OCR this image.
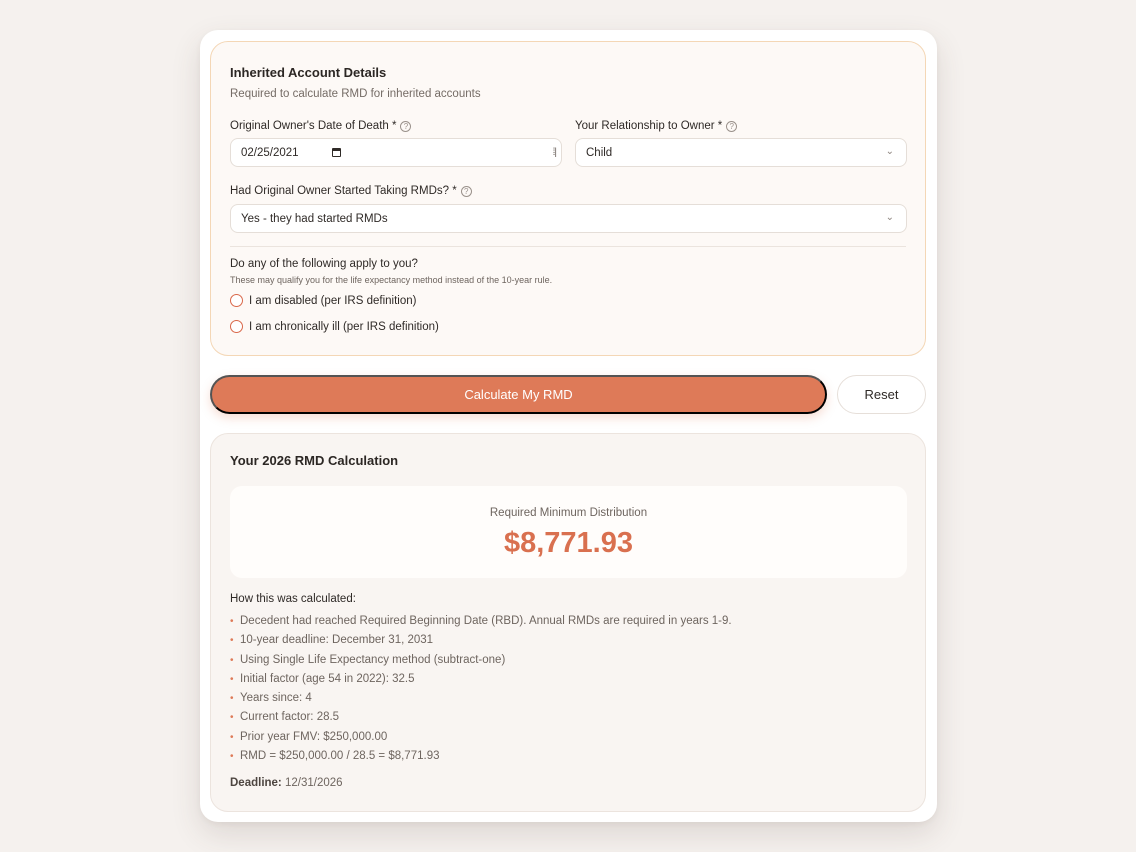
Inherited Account Details
Required to calculate RMD for inherited accounts
Original Owner's Date of Death * ?
02/25/2021	⁞|
Your Relationship to Owner * ?
Child	⌄
Had Original Owner Started Taking RMDs? * ?
Yes - they had started RMDs	⌄
Do any of the following apply to you?
These may qualify you for the life expectancy method instead of the 10-year rule.
I am disabled (per IRS definition)
I am chronically ill (per IRS definition)
Calculate My RMD	Reset
Your 2026 RMD Calculation
Required Minimum Distribution
$8,771.93
How this was calculated:
• Decedent had reached Required Beginning Date (RBD). Annual RMDs are required in years 1-9.
• 10-year deadline: December 31, 2031
• Using Single Life Expectancy method (subtract-one)
• Initial factor (age 54 in 2022): 32.5
• Years since: 4
• Current factor: 28.5
• Prior year FMV: $250,000.00
• RMD = $250,000.00 / 28.5 = $8,771.93
Deadline: 12/31/2026
